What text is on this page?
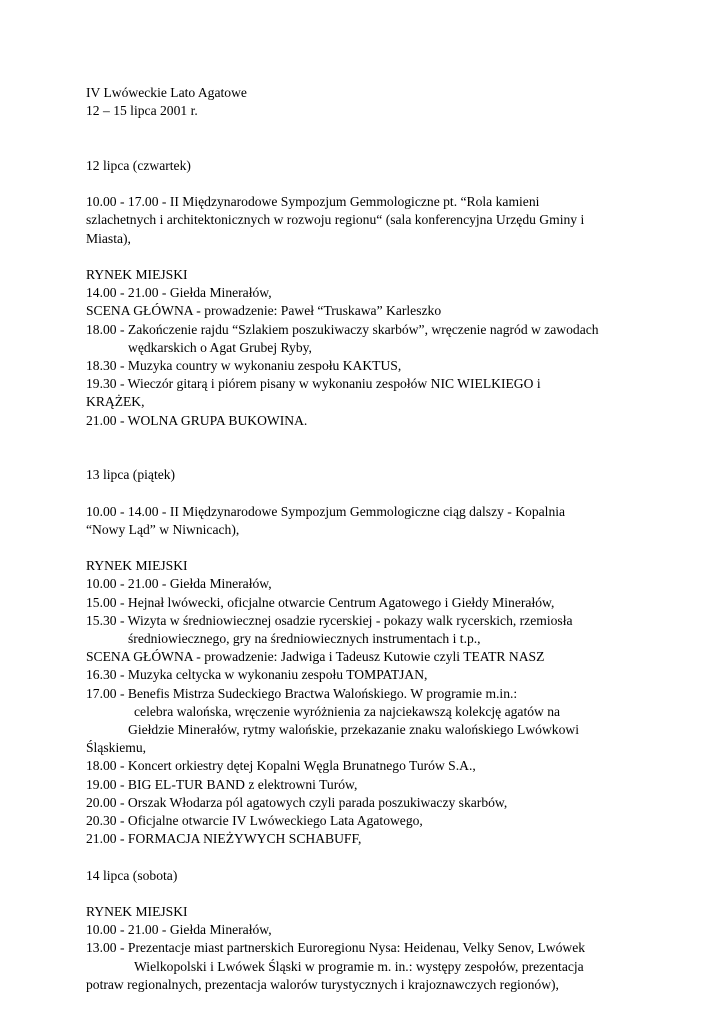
IV Lwóweckie Lato Agatowe
12 – 15 lipca 2001 r.
12 lipca (czwartek)
10.00 - 17.00 - II Międzynarodowe Sympozjum Gemmologiczne pt. “Rola kamieni
szlachetnych i architektonicznych w rozwoju regionu“ (sala konferencyjna Urzędu Gminy i
Miasta),
RYNEK MIEJSKI
14.00 - 21.00 - Giełda Minerałów,
SCENA GŁÓWNA - prowadzenie: Paweł “Truskawa” Karleszko
18.00 - Zakończenie rajdu “Szlakiem poszukiwaczy skarbów”, wręczenie nagród w zawodach
wędkarskich o Agat Grubej Ryby,
18.30 - Muzyka country w wykonaniu zespołu KAKTUS,
19.30 - Wieczór gitarą i piórem pisany w wykonaniu zespołów NIC WIELKIEGO i
KRĄŻEK,
21.00 - WOLNA GRUPA BUKOWINA.
13 lipca (piątek)
10.00 - 14.00 - II Międzynarodowe Sympozjum Gemmologiczne ciąg dalszy - Kopalnia
“Nowy Ląd” w Niwnicach),
RYNEK MIEJSKI
10.00 - 21.00 - Giełda Minerałów,
15.00 - Hejnał lwówecki, oficjalne otwarcie Centrum Agatowego i Giełdy Minerałów,
15.30 - Wizyta w średniowiecznej osadzie rycerskiej - pokazy walk rycerskich, rzemiosła
średniowiecznego, gry na średniowiecznych instrumentach i t.p.,
SCENA GŁÓWNA - prowadzenie: Jadwiga i Tadeusz Kutowie czyli TEATR NASZ
16.30 - Muzyka celtycka w wykonaniu zespołu TOMPATJAN,
17.00 - Benefis Mistrza Sudeckiego Bractwa Walońskiego. W programie m.in.:
celebra walońska, wręczenie wyróżnienia za najciekawszą kolekcję agatów na
Giełdzie Minerałów, rytmy walońskie, przekazanie znaku walońskiego Lwówkowi
Śląskiemu,
18.00 - Koncert orkiestry dętej Kopalni Węgla Brunatnego Turów S.A.,
19.00 - BIG EL-TUR BAND z elektrowni Turów,
20.00 - Orszak Włodarza pól agatowych czyli parada poszukiwaczy skarbów,
20.30 - Oficjalne otwarcie IV Lwóweckiego Lata Agatowego,
21.00 - FORMACJA NIEŻYWYCH SCHABUFF,
14 lipca (sobota)
RYNEK MIEJSKI
10.00 - 21.00 - Giełda Minerałów,
13.00 - Prezentacje miast partnerskich Euroregionu Nysa: Heidenau, Velky Senov, Lwówek
Wielkopolski i Lwówek Śląski w programie m. in.: występy zespołów, prezentacja
potraw regionalnych, prezentacja walorów turystycznych i krajoznawczych regionów),
